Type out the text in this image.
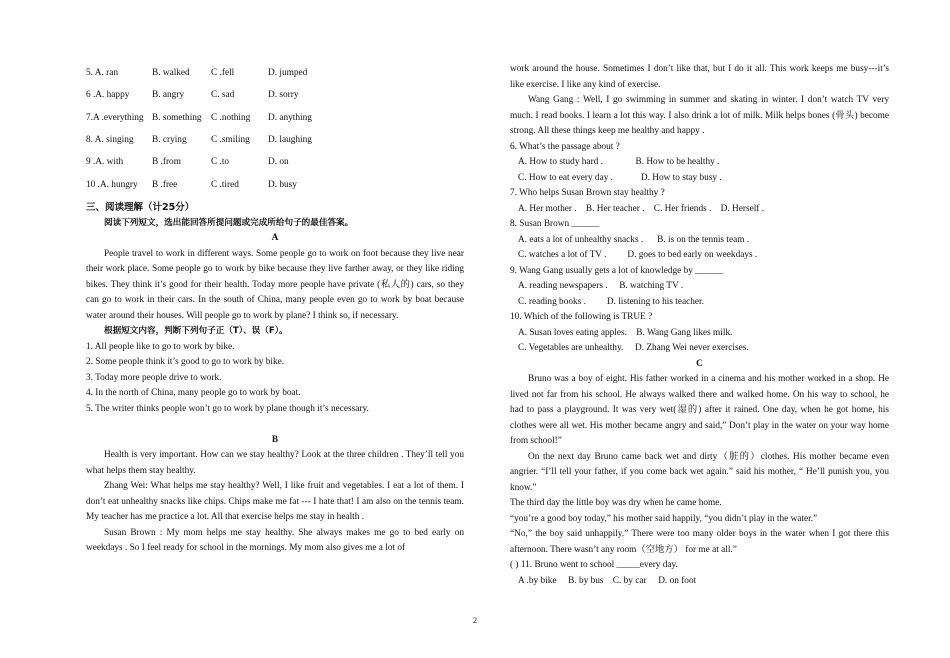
5. A. ran	B. walked	C .fell	D. jumped
6 .A. happy	B. angry	C. sad	D. sorry
7.A .everything B. something	C .nothing	D. anything
8. A. singing	B. crying	C .smiling	D. laughing
9 .A. with	B .from	C .to	D. on
10 .A. hungry	B .free	C .tired	D. busy
三、阅读理解（计25分）
阅读下列短文，选出能回答所提问题或完成所给句子的最佳答案。
A

People travel to work in different ways. Some people go to work on foot because they live near their work place. Some people go to work by bike because they live farther away, or they like riding bikes. They think it’s good for their health. Today more people have private (私人的) cars, so they can go to work in their cars. In the south of China, many people even go to work by boat because water around their houses. Will people go to work by plane? I think so, if necessary.

根据短文内容，判断下列句子正（T）、误（F）。
1. All people like to go to work by bike.
2. Some people think it’s good to go to work by bike.
3. Today more people drive to work.
4. In the north of China, many people go to work by boat.
5. The writer thinks people won’t go to work by plane though it’s necessary.
B

Health is very important. How can we stay healthy? Look at the three children . They’ll tell you what helps them stay healthy.

Zhang Wei: What helps me stay healthy? Well, I like fruit and vegetables. I eat a lot of them. I don’t eat unhealthy snacks like chips. Chips make me fat --- I hate that! I am also on the tennis team. My teacher has me practice a lot. All that exercise helps me stay in health .

Susan Brown : My mom helps me stay healthy. She always makes me go to bed early on weekdays . So I feel ready for school in the mornings. My mom also gives me a lot of

work around the house. Sometimes I don’t like that, but I do it all. This work keeps me busy---it’s like exercise. I like any kind of exercise.

Wang Gang : Well, I go swimming in summer and skating in winter. I don’t watch TV very much. I read books. I learn a lot this way. I also drink a lot of milk. Milk helps bones (骨头) become strong. All these things keep me healthy and happy .

6. What’s the passage about ?
A. How to study hard .              B. How to be healthy .
C. How to eat every day .            D. How to stay busy .
7. Who helps Susan Brown stay healthy ?
A. Her mother .    B. Her teacher .    C. Her friends .    D. Herself .
8. Susan Brown ______
A. eats a lot of unhealthy snacks .      B. is on the tennis team .
C. watches a lot of TV .         D. goes to bed early on weekdays .
9. Wang Gang usually gets a lot of knowledge by ______
A. reading newspapers .     B. watching TV .
C. reading books .         D. listening to his teacher.
10. Which of the following is TRUE ?
A. Susan loves eating apples.    B. Wang Gang likes milk.
C. Vegetables are unhealthy.     D. Zhang Wei never exercises.
C

Bruno was a boy of eight. His father worked in a cinema and his mother worked in a shop. He lived not far from his school. He always walked there and walked home. On his way to school, he had to pass a playground. It was very wet(湿的) after it rained. One day, when he got home, his clothes were all wet. His mother became angry and said,” Don’t play in the water on your way home from school!”

On the next day Bruno came back wet and dirty（脏的）clothes. His mother became even angrier. “I’ll tell your father, if you come back wet again.” said his mother, “ He’ll punish you, you know.”

The third day the little boy was dry when he came home.
“you’re a good boy today,” his mother said happily, “you didn’t play in the water.”

“No,” the boy said unhappily.” There were too many older boys in the water when I got there this afternoon. There wasn’t any room（空地方） for me at all.”

( ) 11. Bruno went to school _____every day.
A .by bike     B. by bus    C. by car     D. on foot
2
